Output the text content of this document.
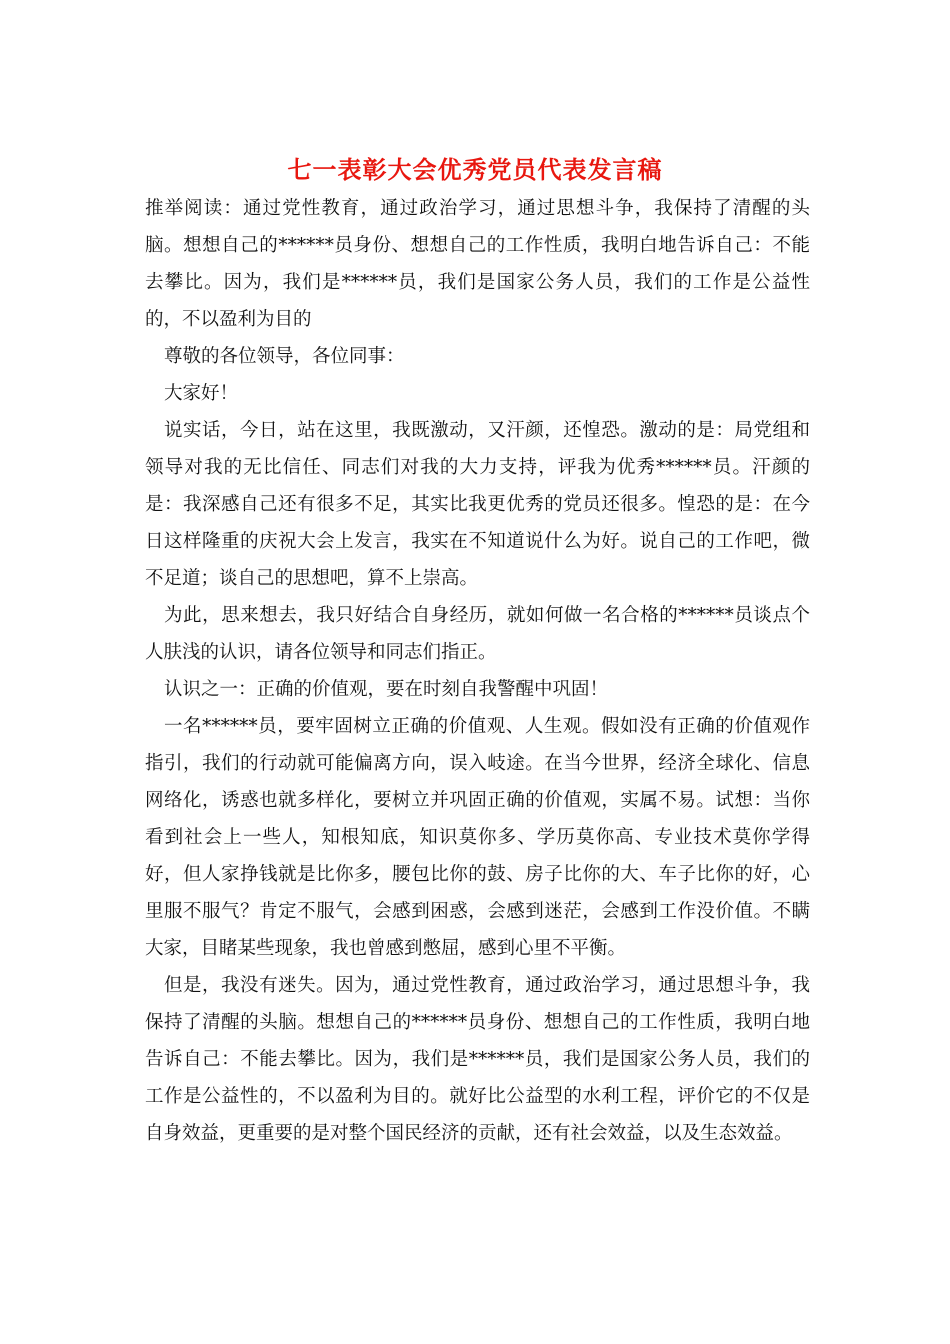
七一表彰大会优秀党员代表发言稿

推举阅读：通过党性教育，通过政治学习，通过思想斗争，我保持了清醒的头脑。想想自己的******员身份、想想自己的工作性质，我明白地告诉自己：不能去攀比。因为，我们是******员，我们是国家公务人员，我们的工作是公益性的，不以盈利为目的

尊敬的各位领导，各位同事：

大家好！

说实话，今日，站在这里，我既激动，又汗颜，还惶恐。激动的是：局党组和领导对我的无比信任、同志们对我的大力支持，评我为优秀******员。汗颜的是：我深感自己还有很多不足，其实比我更优秀的党员还很多。惶恐的是：在今日这样隆重的庆祝大会上发言，我实在不知道说什么为好。说自己的工作吧，微不足道；谈自己的思想吧，算不上崇高。

为此，思来想去，我只好结合自身经历，就如何做一名合格的******员谈点个人肤浅的认识，请各位领导和同志们指正。

认识之一：正确的价值观，要在时刻自我警醒中巩固！

一名******员，要牢固树立正确的价值观、人生观。假如没有正确的价值观作指引，我们的行动就可能偏离方向，误入岐途。在当今世界，经济全球化、信息网络化，诱惑也就多样化，要树立并巩固正确的价值观，实属不易。试想：当你看到社会上一些人，知根知底，知识莫你多、学历莫你高、专业技术莫你学得好，但人家挣钱就是比你多，腰包比你的鼓、房子比你的大、车子比你的好，心里服不服气？肯定不服气，会感到困惑，会感到迷茫，会感到工作没价值。不瞒大家，目睹某些现象，我也曾感到憋屈，感到心里不平衡。

但是，我没有迷失。因为，通过党性教育，通过政治学习，通过思想斗争，我保持了清醒的头脑。想想自己的******员身份、想想自己的工作性质，我明白地告诉自己：不能去攀比。因为，我们是******员，我们是国家公务人员，我们的工作是公益性的，不以盈利为目的。就好比公益型的水利工程，评价它的不仅是自身效益，更重要的是对整个国民经济的贡献，还有社会效益，以及生态效益。
